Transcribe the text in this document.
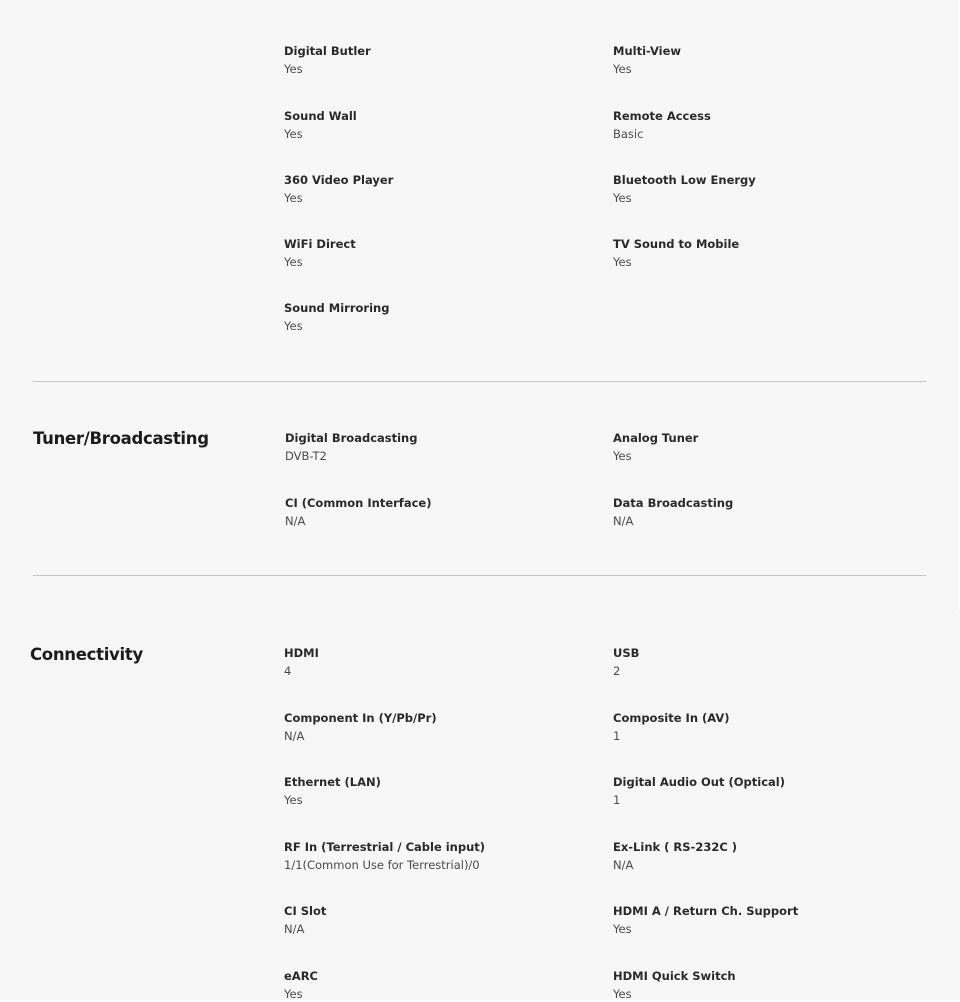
Digital Butler
Yes
Multi-View
Yes
Sound Wall
Yes
Remote Access
Basic
360 Video Player
Yes
Bluetooth Low Energy
Yes
WiFi Direct
Yes
TV Sound to Mobile
Yes
Sound Mirroring
Yes
Tuner/Broadcasting	Digital Broadcasting
DVB-T2
Analog Tuner
Yes
CI (Common Interface)
N/A
Data Broadcasting
N/A
Connectivity	HDMI
4
USB
2
Component In (Y/Pb/Pr)
N/A
Composite In (AV)
1
Ethernet (LAN)
Yes
Digital Audio Out (Optical)
1
RF In (Terrestrial / Cable input)
1/1(Common Use for Terrestrial)/0
Ex-Link ( RS-232C )
N/A
CI Slot
N/A
HDMI A / Return Ch. Support
Yes
eARC
Yes
HDMI Quick Switch
Yes
